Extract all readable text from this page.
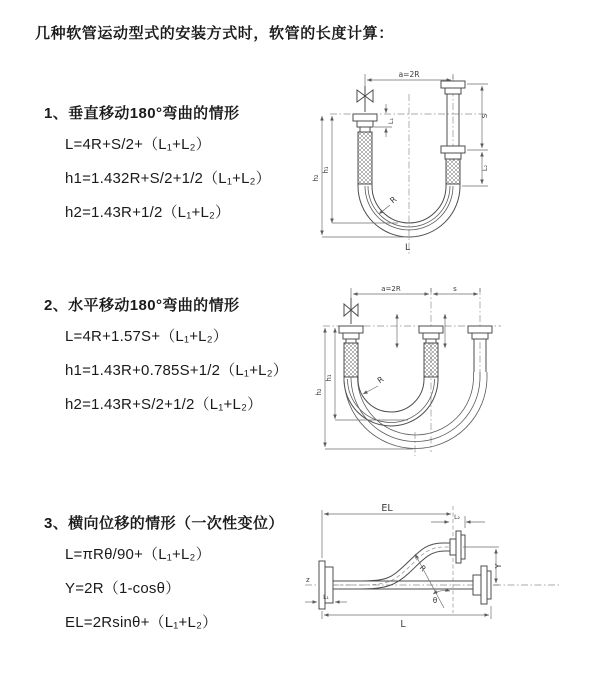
几种软管运动型式的安装方式时，软管的长度计算：
1、垂直移动180°弯曲的情形
L=4R+S/2+（L₁+L₂）
h1=1.432R+S/2+1/2（L₁+L₂）
h2=1.43R+1/2（L₁+L₂）
2、水平移动180°弯曲的情形
L=4R+1.57S+（L₁+L₂）
h1=1.43R+0.785S+1/2（L₁+L₂）
h2=1.43R+S/2+1/2（L₁+L₂）
3、横向位移的情形（一次性变位）
L=πRθ/90+（L₁+L₂）
Y=2R（1-cosθ）
EL=2Rsinθ+（L₁+L₂）
a=2R
h₂
h₁
L₁
S
L₂
R
L
a=2R	s
h₂
h₁	R
z
EL
L₂
Y
L₁
L
R
θ
